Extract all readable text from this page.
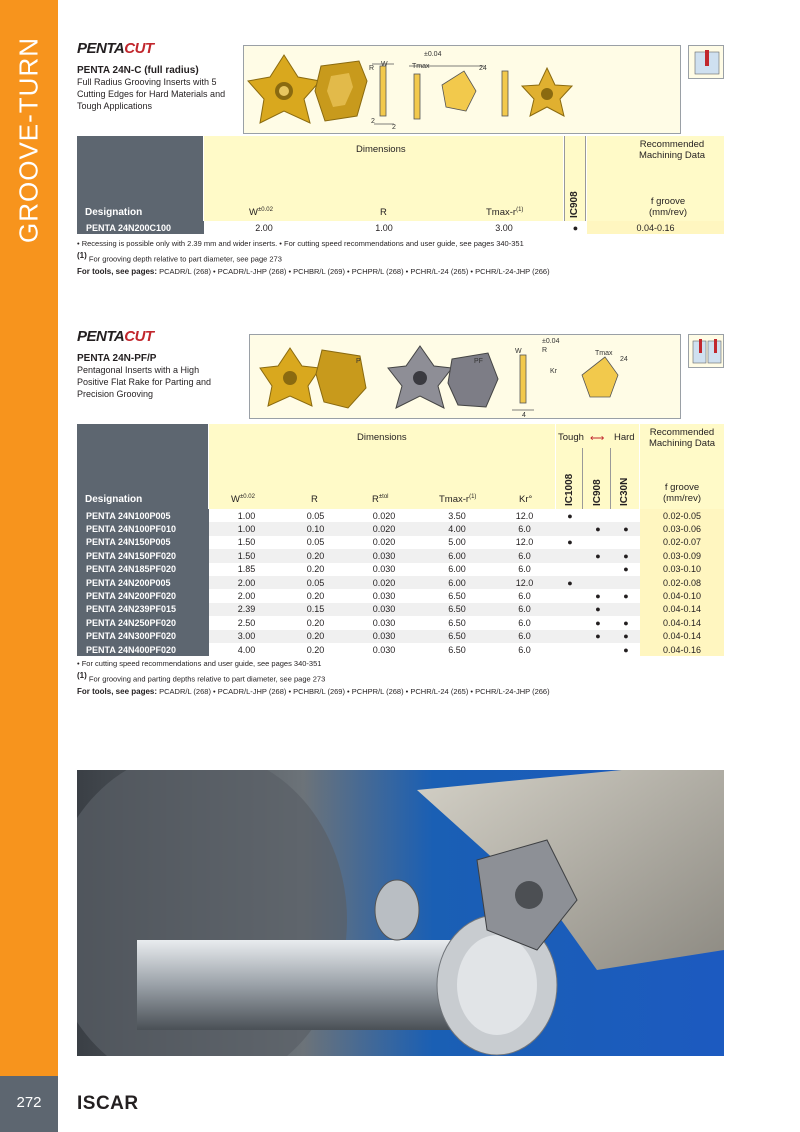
GROOVE-TURN
272	ISCAR
PENTACUT
PENTA 24N-C (full radius)
Full Radius Grooving Inserts with 5 Cutting Edges for Hard Materials and Tough Applications
±0.04
R
W	Tmax	24
2
2
Designation
Dimensions
$W^{\pm 0.02}$	R	Tmax-$r^{(1)}$	IC908
Recommended Machining Data
f groove (mm/rev)
PENTA 24N200C100	2.00	1.00	3.00	●	0.04-0.16
• Recessing is possible only with 2.39 mm and wider inserts. • For cutting speed recommendations and user guide, see pages 340-351
$^{(1)}$ For grooving depth relative to part diameter, see page 273
For tools, see pages: PCADR/L (268) • PCADR/L-JHP (268) • PCHBR/L (269) • PCHPR/L (268) • PCHR/L-24 (265) • PCHR/L-24-JHP (266)
PENTACUT
PENTA 24N-PF/P
Pentagonal Inserts with a High Positive Flat Rake for Parting and Precision Grooving
P	PF
±0.04
R
W	Tmax
24
Kr
4
Designation
Dimensions
$W^{\pm 0.02}$	R	$R^{\pm tol}$	Tmax-$r^{(1)}$	Kr°
Tough ⟷ Hard
IC1008 IC908 IC30N
Recommended Machining Data
f groove (mm/rev)
PENTA 24N100P005	1.00	0.05	0.020	3.50	12.0	●			0.02-0.05
PENTA 24N100PF010	1.00	0.10	0.020	4.00	6.0		●	●	0.03-0.06
PENTA 24N150P005	1.50	0.05	0.020	5.00	12.0	●			0.02-0.07
PENTA 24N150PF020	1.50	0.20	0.030	6.00	6.0		●	●	0.03-0.09
PENTA 24N185PF020	1.85	0.20	0.030	6.00	6.0			●	0.03-0.10
PENTA 24N200P005	2.00	0.05	0.020	6.00	12.0	●			0.02-0.08
PENTA 24N200PF020	2.00	0.20	0.030	6.50	6.0		●	●	0.04-0.10
PENTA 24N239PF015	2.39	0.15	0.030	6.50	6.0		●		0.04-0.14
PENTA 24N250PF020	2.50	0.20	0.030	6.50	6.0		●	●	0.04-0.14
PENTA 24N300PF020	3.00	0.20	0.030	6.50	6.0		●	●	0.04-0.14
PENTA 24N400PF020	4.00	0.20	0.030	6.50	6.0			●	0.04-0.16
• For cutting speed recommendations and user guide, see pages 340-351
$^{(1)}$ For grooving and parting depths relative to part diameter, see page 273
For tools, see pages: PCADR/L (268) • PCADR/L-JHP (268) • PCHBR/L (269) • PCHPR/L (268) • PCHR/L-24 (265) • PCHR/L-24-JHP (266)
